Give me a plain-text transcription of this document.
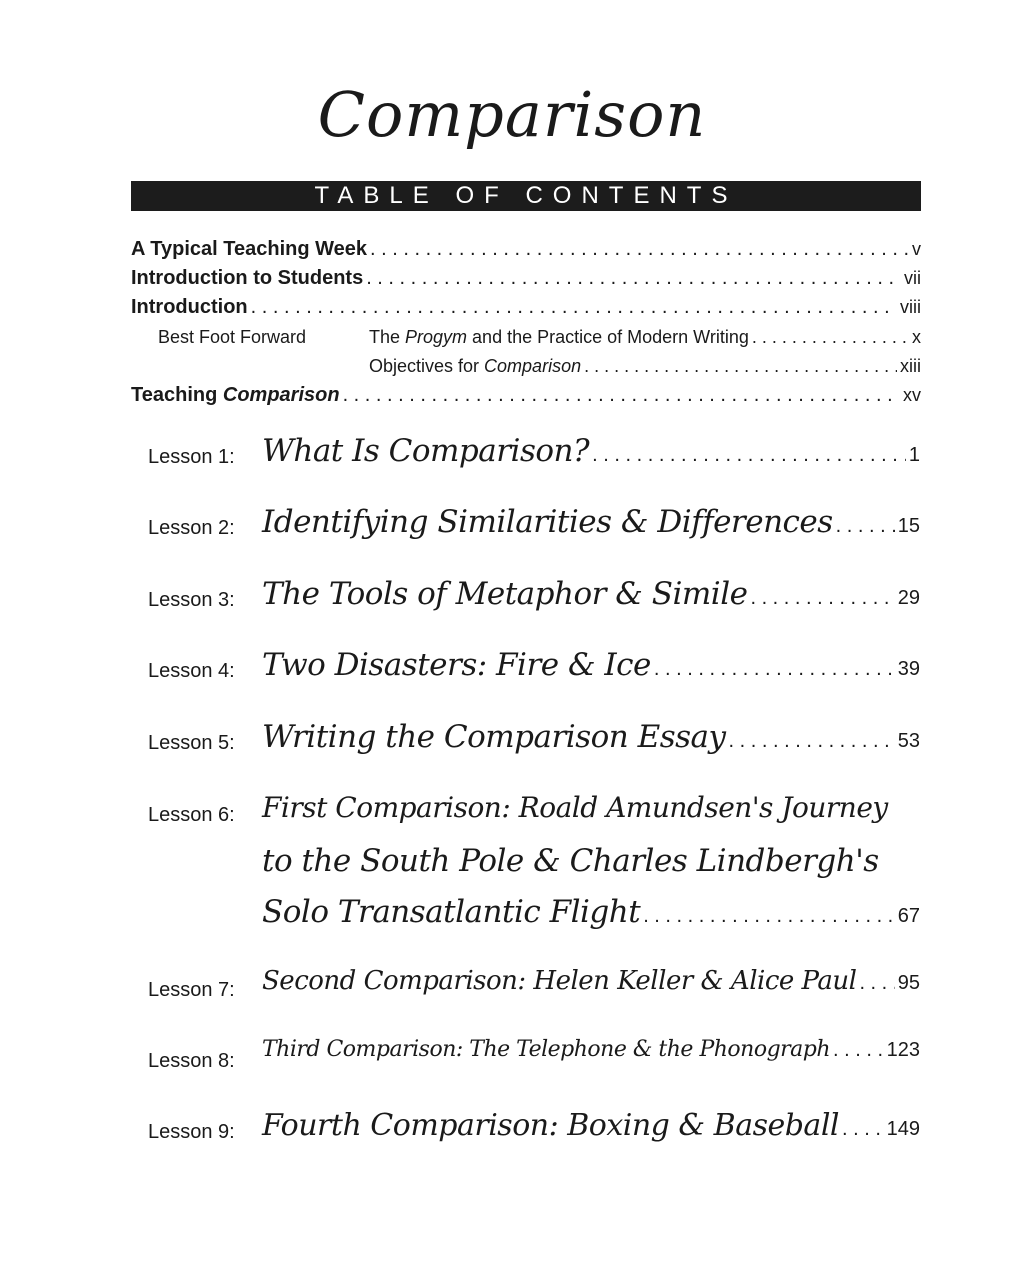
Comparison
TABLE OF CONTENTS
A Typical Teaching Week . . .	v
Introduction to Students . . .	vii
Introduction . . .	viii
Best Foot Forward	The Progym and the Practice of Modern Writing . . .	x
Objectives for Comparison . . .	xiii
Teaching Comparison . . .	xv
Lesson 1: What Is Comparison? . . .	1
Lesson 2: Identifying Similarities & Differences . . .	15
Lesson 3: The Tools of Metaphor & Simile . . .	29
Lesson 4: Two Disasters: Fire & Ice . . .	39
Lesson 5: Writing the Comparison Essay . . .	53
Lesson 6: First Comparison: Roald Amundsen's Journey
to the South Pole & Charles Lindbergh's
Solo Transatlantic Flight . . .	67
Lesson 7: Second Comparison: Helen Keller & Alice Paul . . . 95
Lesson 8: Third Comparison: The Telephone & the Phonograph . . .	123
Lesson 9: Fourth Comparison: Boxing & Baseball . . . 149
